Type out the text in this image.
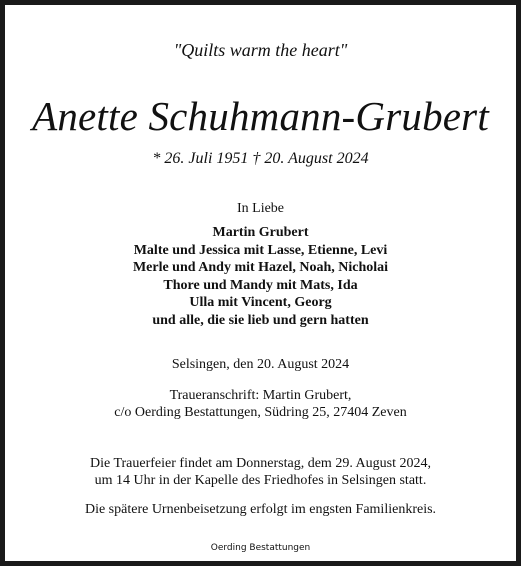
"Quilts warm the heart"
Anette Schuhmann-Grubert
* 26. Juli 1951 † 20. August 2024
In Liebe
Martin Grubert
Malte und Jessica mit Lasse, Etienne, Levi
Merle und Andy mit Hazel, Noah, Nicholai
Thore und Mandy mit Mats, Ida
Ulla mit Vincent, Georg
und alle, die sie lieb und gern hatten
Selsingen, den 20. August 2024
Traueranschrift: Martin Grubert,
c/o Oerding Bestattungen, Südring 25, 27404 Zeven
Die Trauerfeier findet am Donnerstag, dem 29. August 2024,
um 14 Uhr in der Kapelle des Friedhofes in Selsingen statt.
Die spätere Urnenbeisetzung erfolgt im engsten Familienkreis.
Oerding Bestattungen
